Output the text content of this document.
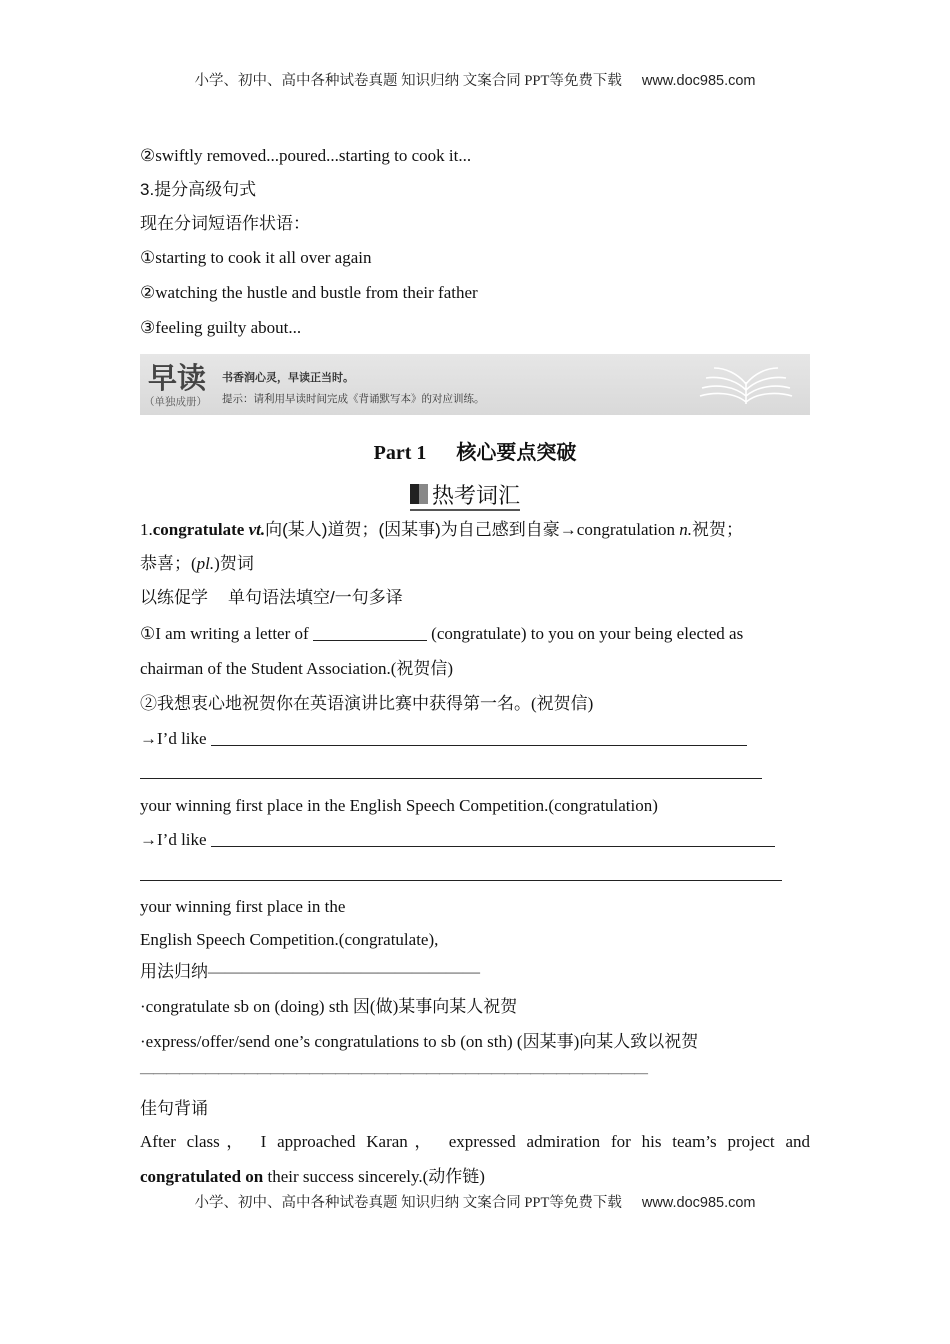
小学、初中、高中各种试卷真题 知识归纳 文案合同 PPT等免费下载 www.doc985.com
②swiftly removed...poured...starting to cook it...
3.提分高级句式
现在分词短语作状语：
①starting to cook it all over again
②watching the hustle and bustle from their father
③feeling guilty about...
早读
（单独成册）
书香润心灵，早读正当时。
提示：请利用早读时间完成《背诵默写本》的对应训练。
Part 1 核心要点突破
热考词汇
1.congratulate vt.向(某人)道贺；(因某事)为自己感到自豪→congratulation n.祝贺；
恭喜；(pl.)贺词
以练促学 单句语法填空/一句多译
①I am writing a letter of	(congratulate) to you on your being elected as
chairman of the Student Association.(祝贺信)
②我想衷心地祝贺你在英语演讲比赛中获得第一名。(祝贺信)
→I’d like
your winning first place in the English Speech Competition.(congratulation)
→I’d like
your winning first place in the
English Speech Competition.(congratulate),
用法归纳————————————————
·congratulate sb on (doing) sth 因(做)某事向某人祝贺
·express/offer/send one’s congratulations to sb (on sth) (因某事)向某人致以祝贺
———————————————————————————————————————
佳句背诵
After class， I approached Karan， expressed admiration for his team’s project and
congratulated on their success sincerely.(动作链)
小学、初中、高中各种试卷真题 知识归纳 文案合同 PPT等免费下载 www.doc985.com
